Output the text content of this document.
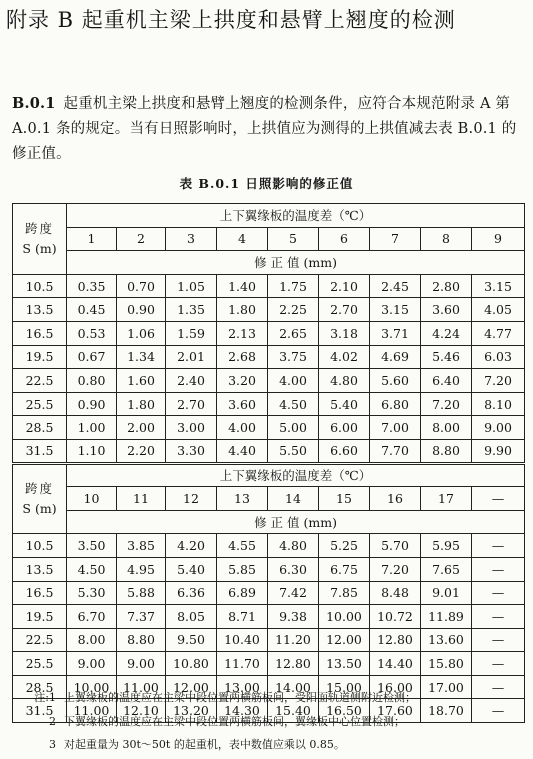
附录 B 起重机主梁上拱度和悬臂上翘度的检测
B.0.1 起重机主梁上拱度和悬臂上翘度的检测条件，应符合本规范附录 A 第 A.0.1 条的规定。当有日照影响时，上拱值应为测得的上拱值减去表 B.0.1 的修正值。
表 B.0.1 日照影响的修正值
跨度
S (m)	上下翼缘板的温度差（℃）								
	1	2	3	4	5	6	7	8	9
	修 正 值 (mm)								
10.5	0.35	0.70	1.05	1.40	1.75	2.10	2.45	2.80	3.15
13.5	0.45	0.90	1.35	1.80	2.25	2.70	3.15	3.60	4.05
16.5	0.53	1.06	1.59	2.13	2.65	3.18	3.71	4.24	4.77
19.5	0.67	1.34	2.01	2.68	3.75	4.02	4.69	5.46	6.03
22.5	0.80	1.60	2.40	3.20	4.00	4.80	5.60	6.40	7.20
25.5	0.90	1.80	2.70	3.60	4.50	5.40	6.80	7.20	8.10
28.5	1.00	2.00	3.00	4.00	5.00	6.00	7.00	8.00	9.00
31.5	1.10	2.20	3.30	4.40	5.50	6.60	7.70	8.80	9.90

跨度
S (m)	上下翼缘板的温度差（℃）								
	10	11	12	13	14	15	16	17	—
	修 正 值 (mm)								
10.5	3.50	3.85	4.20	4.55	4.80	5.25	5.70	5.95	—
13.5	4.50	4.95	5.40	5.85	6.30	6.75	7.20	7.65	—
16.5	5.30	5.88	6.36	6.89	7.42	7.85	8.48	9.01	—
19.5	6.70	7.37	8.05	8.71	9.38	10.00	10.72	11.89	—
22.5	8.00	8.80	9.50	10.40	11.20	12.00	12.80	13.60	—
25.5	9.00	9.00	10.80	11.70	12.80	13.50	14.40	15.80	—
28.5	10.00	11.00	12.00	13.00	14.00	15.00	16.00	17.00	—
31.5	11.00	12.10	13.20	14.30	15.40	16.50	17.60	18.70	—
注:1 上翼缘板的温度应在主梁中段位置两横筋板间，受阳面轨道侧附近检测；
2 下翼缘板的温度应在主梁中段位置两横筋板间，翼缘板中心位置检测；
3 对起重量为 30t～50t 的起重机，表中数值应乘以 0.85。
